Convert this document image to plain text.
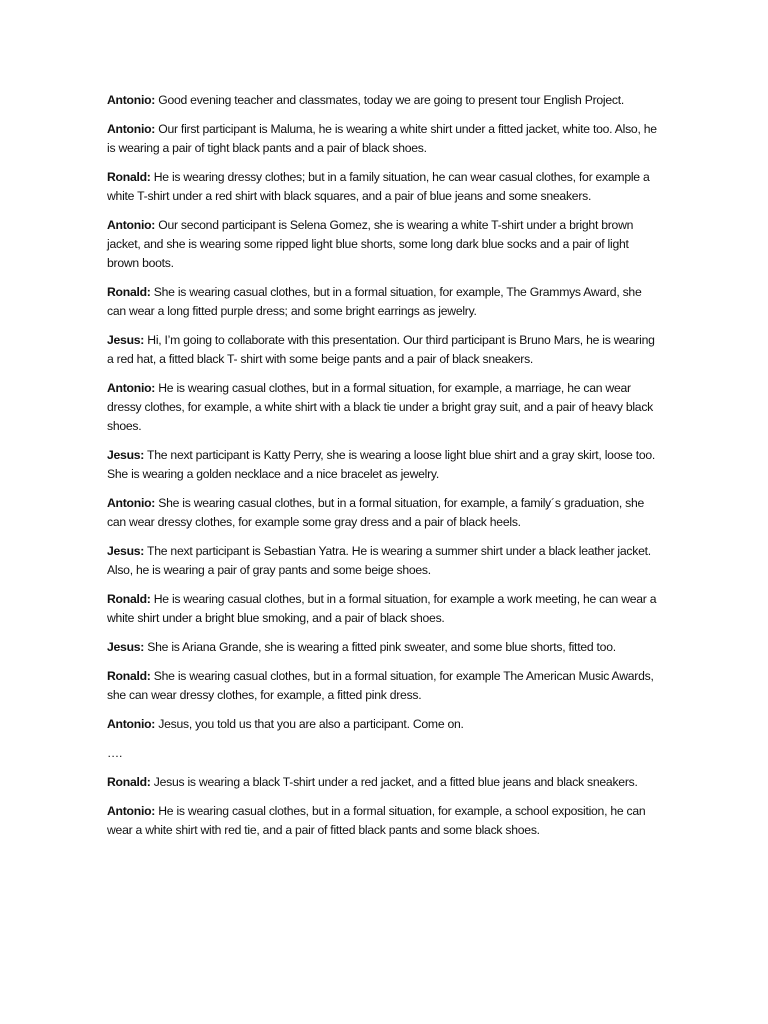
Antonio: Good evening teacher and classmates, today we are going to present tour English Project.

Antonio: Our first participant is Maluma, he is wearing a white shirt under a fitted jacket, white too. Also, he is wearing a pair of tight black pants and a pair of black shoes.

Ronald: He is wearing dressy clothes; but in a family situation, he can wear casual clothes, for example a white T-shirt under a red shirt with black squares, and a pair of blue jeans and some sneakers.

Antonio: Our second participant is Selena Gomez, she is wearing a white T-shirt under a bright brown jacket, and she is wearing some ripped light blue shorts, some long dark blue socks and a pair of light brown boots.

Ronald: She is wearing casual clothes, but in a formal situation, for example, The Grammys Award, she can wear a long fitted purple dress; and some bright earrings as jewelry.

Jesus: Hi, I’m going to collaborate with this presentation. Our third participant is Bruno Mars, he is wearing a red hat, a fitted black T- shirt with some beige pants and a pair of black sneakers.

Antonio: He is wearing casual clothes, but in a formal situation, for example, a marriage, he can wear dressy clothes, for example, a white shirt with a black tie under a bright gray suit, and a pair of heavy black shoes.

Jesus: The next participant is Katty Perry, she is wearing a loose light blue shirt and a gray skirt, loose too. She is wearing a golden necklace and a nice bracelet as jewelry.

Antonio: She is wearing casual clothes, but in a formal situation, for example, a family´s graduation, she can wear dressy clothes, for example some gray dress and a pair of black heels.

Jesus: The next participant is Sebastian Yatra. He is wearing a summer shirt under a black leather jacket. Also, he is wearing a pair of gray pants and some beige shoes.

Ronald: He is wearing casual clothes, but in a formal situation, for example a work meeting, he can wear a white shirt under a bright blue smoking, and a pair of black shoes.

Jesus: She is Ariana Grande, she is wearing a fitted pink sweater, and some blue shorts, fitted too.

Ronald: She is wearing casual clothes, but in a formal situation, for example The American Music Awards, she can wear dressy clothes, for example, a fitted pink dress.

Antonio: Jesus, you told us that you are also a participant. Come on.

….

Ronald: Jesus is wearing a black T-shirt under a red jacket, and a fitted blue jeans and black sneakers.

Antonio: He is wearing casual clothes, but in a formal situation, for example, a school exposition, he can wear a white shirt with red tie, and a pair of fitted black pants and some black shoes.
